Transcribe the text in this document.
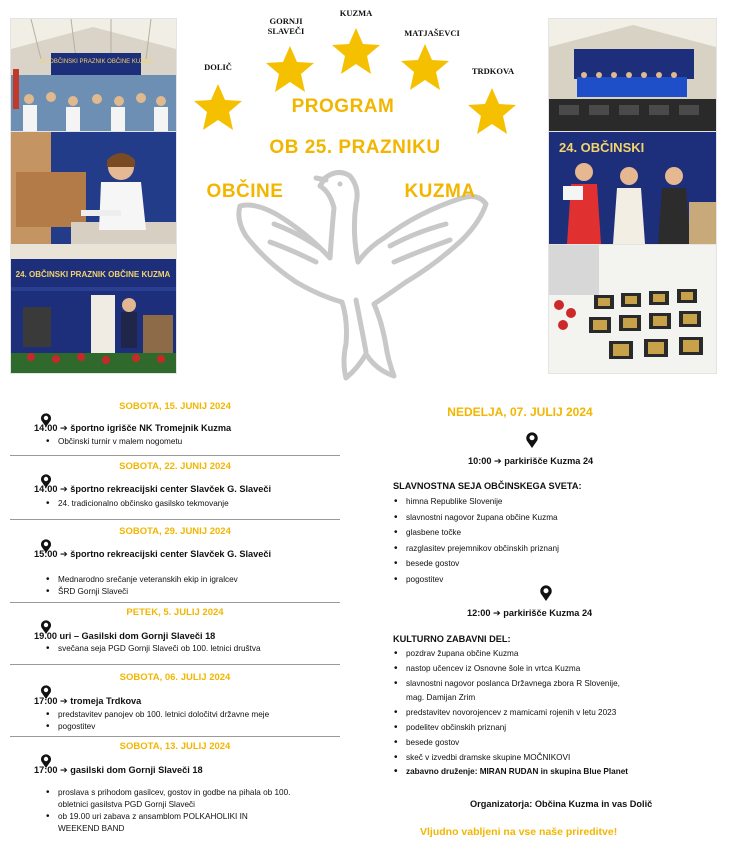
24. OBČINSKI PRAZNIK OBČINE KUZMA
24. OBČINSKI PRAZNIK OBČINE KUZMA
24. OBČINSKI
DOLIČ
GORNJI SLAVEČI
KUZMA
MATJAŠEVCI
TRDKOVA
PROGRAM
OB 25. PRAZNIKU
OBČINE	KUZMA
SOBOTA, 15. JUNIJ 2024
14:00 ➔ športno igrišče NK Tromejnik Kuzma
• Občinski turnir v malem nogometu
SOBOTA, 22. JUNIJ 2024
14:00 ➔ športno rekreacijski center Slavček G. Slaveči
• 24. tradicionalno občinsko gasilsko tekmovanje
SOBOTA, 29. JUNIJ 2024
15:00 ➔ športno rekreacijski center Slavček G. Slaveči
• Mednarodno srečanje veteranskih ekip in igralcev
• ŠRD Gornji Slaveči
PETEK, 5. JULIJ 2024
19.00 uri – Gasilski dom Gornji Slaveči 18
• svečana seja PGD Gornji Slaveči ob 100. letnici društva
SOBOTA, 06. JULIJ 2024
17:00 ➔ tromeja Trdkova
• predstavitev panojev ob 100. letnici določitvi državne meje
• pogostitev
SOBOTA, 13. JULIJ 2024
17:00 ➔ gasilski dom Gornji Slaveči 18
• proslava s prihodom gasilcev, gostov in godbe na pihala ob 100.
obletnici gasilstva PGD Gornji Slaveči
• ob 19.00 uri zabava z ansamblom POLKAHOLIKI IN
WEEKEND BAND
NEDELJA, 07. JULIJ 2024
10:00 ➔ parkirišče Kuzma 24
SLAVNOSTNA SEJA OBČINSKEGA SVETA:
• himna Republike Slovenije
• slavnostni nagovor župana občine Kuzma
• glasbene točke
• razglasitev prejemnikov občinskih priznanj
• besede gostov
• pogostitev
12:00 ➔ parkirišče Kuzma 24
KULTURNO ZABAVNI DEL:
• pozdrav župana občine Kuzma
• nastop učencev iz Osnovne šole in vrtca Kuzma
• slavnostni nagovor poslanca Državnega zbora R Slovenije,
mag. Damijan Zrim
• predstavitev novorojencev z mamicami rojenih v letu 2023
• podelitev občinskih priznanj
• besede gostov
• skeč v izvedbi dramske skupine MOČNIKOVI
• zabavno druženje: MIRAN RUDAN in skupina Blue Planet
Organizatorja: Občina Kuzma in vas Dolič
Vljudno vabljeni na vse naše prireditve!
